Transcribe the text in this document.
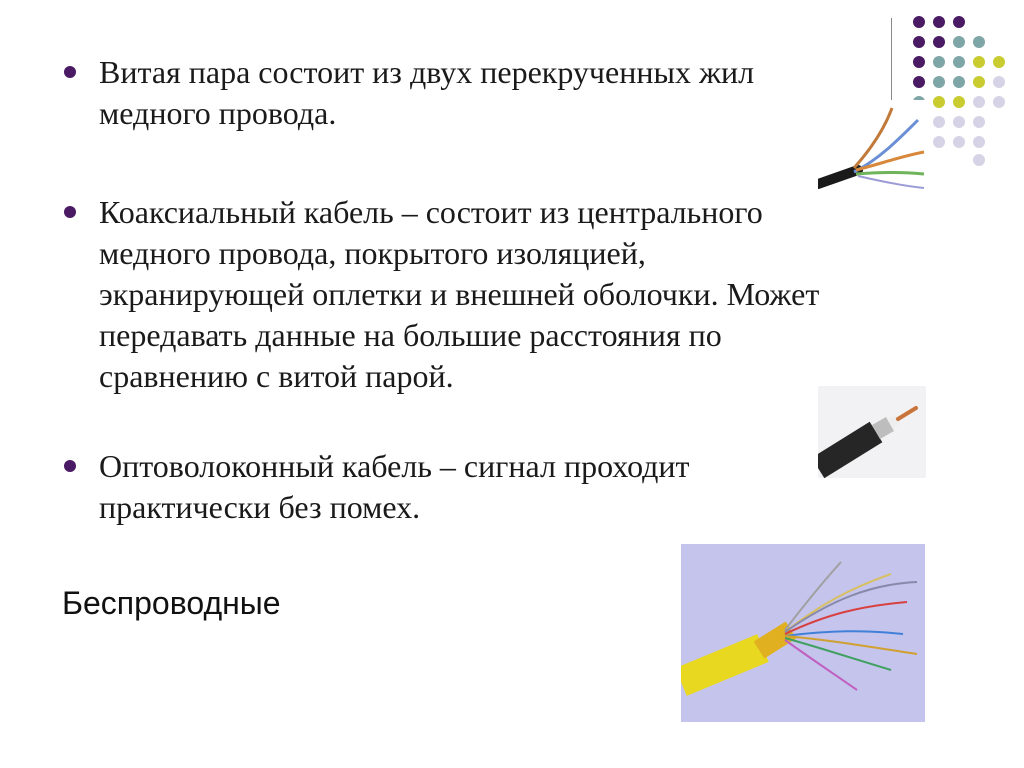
Витая пара состоит из двух перекрученных жил
медного провода.
Коаксиальный кабель – состоит из центрального
медного провода, покрытого изоляцией,
экранирующей оплетки и внешней оболочки. Может
передавать данные на большие расстояния по
сравнению с витой парой.
Оптоволоконный кабель – сигнал проходит
практически без помех.
Беспроводные
